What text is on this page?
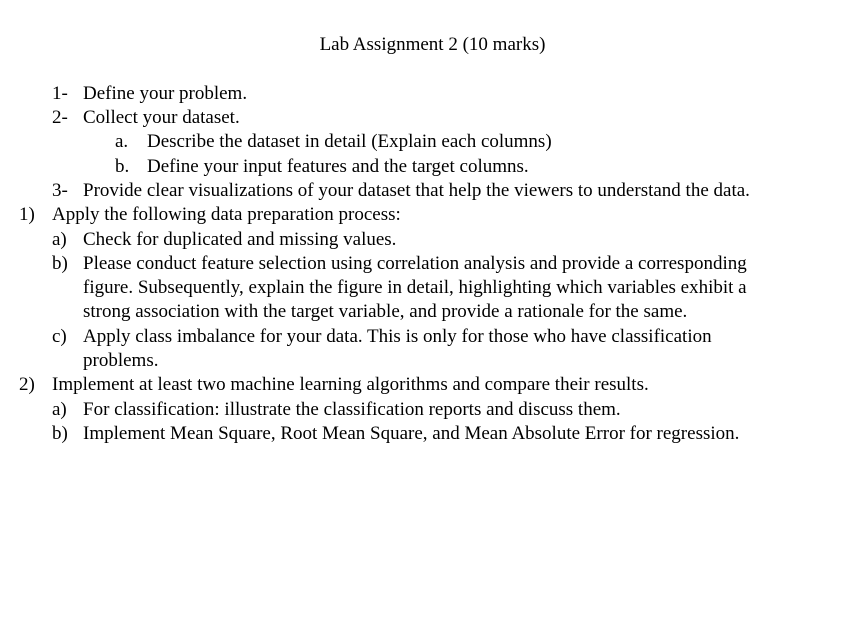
Lab Assignment 2 (10 marks)
1- Define your problem.
2- Collect your dataset.
a. Describe the dataset in detail (Explain each columns)
b. Define your input features and the target columns.
3- Provide clear visualizations of your dataset that help the viewers to understand the data.
1) Apply the following data preparation process:
a) Check for duplicated and missing values.
b) Please conduct feature selection using correlation analysis and provide a corresponding
figure. Subsequently, explain the figure in detail, highlighting which variables exhibit a
strong association with the target variable, and provide a rationale for the same.
c) Apply class imbalance for your data. This is only for those who have classification
problems.
2) Implement at least two machine learning algorithms and compare their results.
a) For classification: illustrate the classification reports and discuss them.
b) Implement Mean Square, Root Mean Square, and Mean Absolute Error for regression.
